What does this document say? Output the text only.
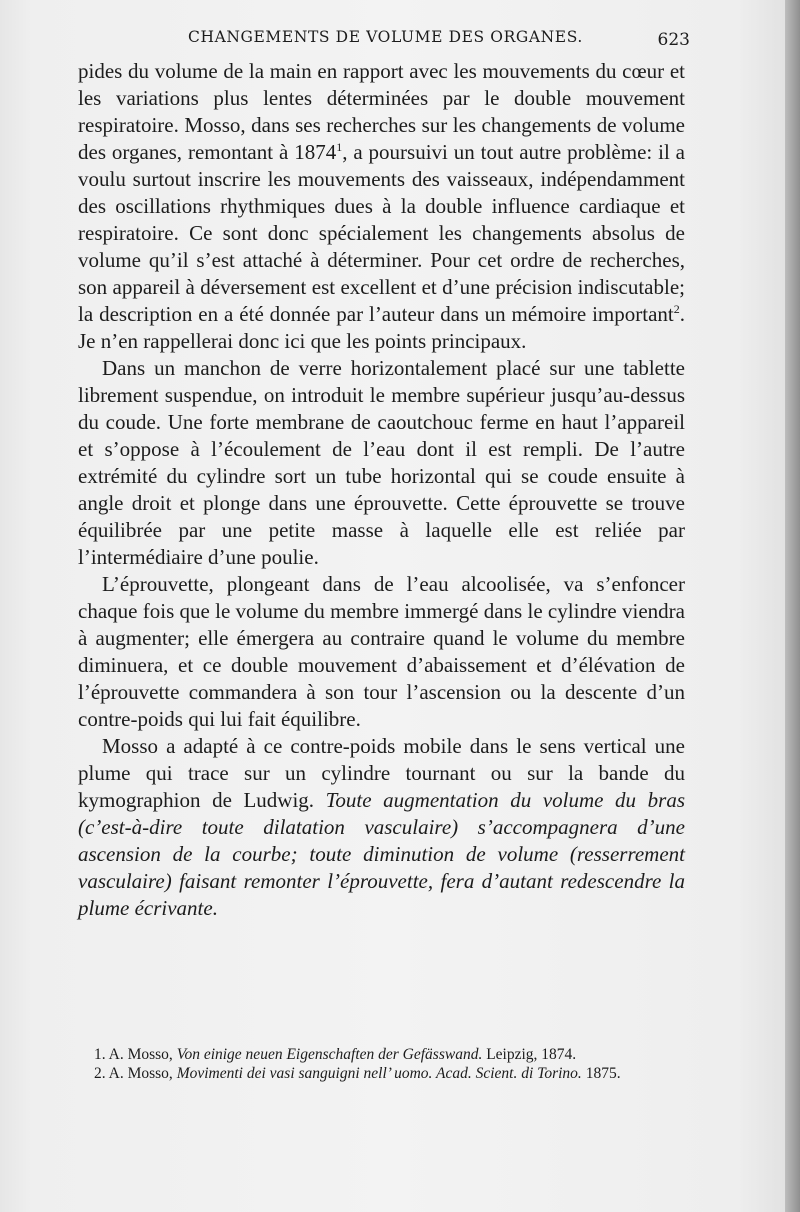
CHANGEMENTS DE VOLUME DES ORGANES.	623

pides du volume de la main en rapport avec les mouvements du cœur et les variations plus lentes déterminées par le double mouvement respiratoire. Mosso, dans ses recherches sur les changements de volume des organes, remontant à 1874$^1$, a poursuivi un tout autre problème: il a voulu surtout inscrire les mouvements des vaisseaux, indépendamment des oscillations rhythmiques dues à la double influence cardiaque et respiratoire. Ce sont donc spécialement les changements absolus de volume qu’il s’est attaché à déterminer. Pour cet ordre de recherches, son appareil à déversement est excellent et d’une précision indiscutable; la description en a été donnée par l’auteur dans un mémoire important$^2$. Je n’en rappellerai donc ici que les points principaux.

Dans un manchon de verre horizontalement placé sur une tablette librement suspendue, on introduit le membre supérieur jusqu’au-dessus du coude. Une forte membrane de caoutchouc ferme en haut l’appareil et s’oppose à l’écoulement de l’eau dont il est rempli. De l’autre extrémité du cylindre sort un tube horizontal qui se coude ensuite à angle droit et plonge dans une éprouvette. Cette éprouvette se trouve équilibrée par une petite masse à laquelle elle est reliée par l’intermédiaire d’une poulie.

L’éprouvette, plongeant dans de l’eau alcoolisée, va s’enfoncer chaque fois que le volume du membre immergé dans le cylindre viendra à augmenter; elle émergera au contraire quand le volume du membre diminuera, et ce double mouvement d’abaissement et d’élévation de l’éprouvette commandera à son tour l’ascension ou la descente d’un contre-poids qui lui fait équilibre.

Mosso a adapté à ce contre-poids mobile dans le sens vertical une plume qui trace sur un cylindre tournant ou sur la bande du kymographion de Ludwig. Toute augmentation du volume du bras (c’est-à-dire toute dilatation vasculaire) s’accompagnera d’une ascension de la courbe; toute diminution de volume (resserrement vasculaire) faisant remonter l’éprouvette, fera d’autant redescendre la plume écrivante.

1. A. Mosso, Von einige neuen Eigenschaften der Gefässwand. Leipzig, 1874.

2. A. Mosso, Movimenti dei vasi sanguigni nell’ uomo. Acad. Scient. di Torino. 1875.
